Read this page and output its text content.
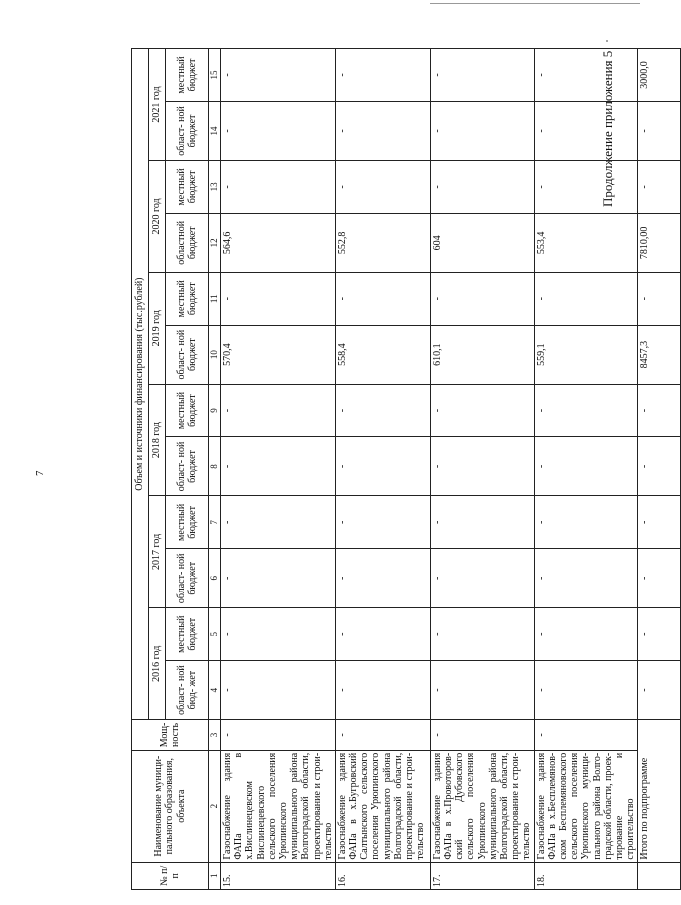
7
Продолжение приложения 5
№ п/п	Наименование муници- пального образования, объекта	Мощ- ность	Объем и источники финансирования (тыс.рублей)											
			2016 год		2017 год		2018 год		2019 год		2020 год		2021 год	
			област- ной бюд- жет	местный бюджет	област- ной бюджет	местный бюджет	област- ной бюджет	местный бюджет	област- ной бюджет	местный бюджет	областной бюджет	местный бюджет	област- ной бюджет	местный бюджет
1	2	3	4	5	6	7	8	9	10	11	12	13	14	15
15.	Газоснабжение здания ФАПа в х.Вислинецевском Вислинецевского сельского поселения Урюпинского муниципального района Волгоградской области, проектирование и строи- тельство	-	-	-	-	-	-	-	570,4	-	564,6	-	-	-
16.	Газоснабжение здания ФАПа в х.Бугровский Салтынского сельского поселения Урюпинского муниципального района Волгоградской области, проектирование и строи- тельство	-	-	-	-	-	-	-	558,4	-	552,8	-	-	-
17.	Газоснабжение здания ФАПа в х.Провоторов- ский Дубовского сельского поселения Урюпинского муниципального района Волгоградской области, проектирование и строи- тельство	-	-	-	-	-	-	-	610,1	-	604	-	-	-
18.	Газоснабжение здания ФАПа в х.Бесплемянов- ском Бесплемяновского сельского поселения Урюпинского муници- пального района Волго- градской области, проек- тирование и строительство	-	-	-	-	-	-	-	559,1	-	553,4	-	-	-
	Итого по подпрограмме		-	-	-	-	-	-	8457,3	-	7810,00	-	-	3000,0
